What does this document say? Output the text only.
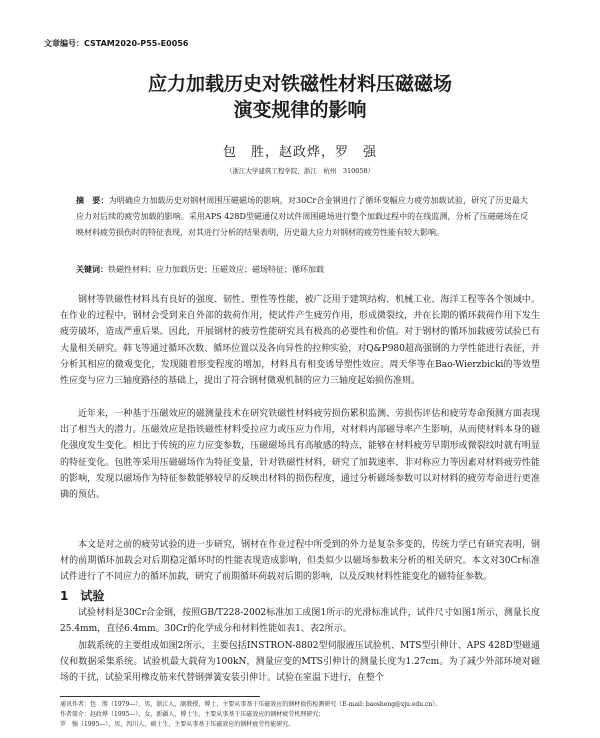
文章编号：CSTAM2020-P55-E0056
应力加载历史对铁磁性材料压磁磁场
演变规律的影响
包　胜，赵政烨，罗　强
（浙江大学建筑工程学院，浙江　杭州　310058）
摘　要：为明确应力加载历史对钢材周围压磁磁场的影响，对30Cr合金钢进行了循环变幅应力疲劳加载试验，研究了历史最大应力对后续的疲劳加载的影响。采用APS 428D型磁通仪对试件周围磁场进行整个加载过程中的在线监测，分析了压磁磁场在反映材料疲劳损伤时的特征表现，对其进行分析的结果表明，历史最大应力对钢材的疲劳性能有较大影响。
关键词：铁磁性材料；应力加载历史；压磁效应；磁场特征；循环加载

钢材等铁磁性材料具有良好的强度、韧性、塑性等性能，被广泛用于建筑结构、机械工业、海洋工程等各个领域中。在作业的过程中，钢材会受到来自外部的载荷作用，使试件产生疲劳作用，形成微裂纹，并在长期的循环载荷作用下发生疲劳破坏，造成严重后果。因此，开展钢材的疲劳性能研究具有极高的必要性和价值。对于钢材的循环加载疲劳试验已有大量相关研究。韩飞等通过循环次数、循环位置以及各向异性的拉伸实验，对Q&P980超高强钢的力学性能进行表征，并分析其相应的微观变化，发现随着形变程度的增加，材料具有相变诱导塑性效应。周天华等在Bao-Wierzbicki的等效塑性应变与应力三轴度路径的基础上，提出了符合钢材微观机制的应力三轴度起始损伤准则。

近年来，一种基于压磁效应的磁测量技术在研究铁磁性材料疲劳损伤累积监测、劳损伤评估和疲劳寿命预测方面表现出了相当大的潜力。压磁效应是指铁磁性材料受拉应力或压应力作用，对材料内部磁导率产生影响，从而使材料本身的磁化强度发生变化。相比于传统的应力应变参数，压磁磁场具有高敏感的特点，能够在材料疲劳早期形成微裂纹时就有明显的特征变化。包胜等采用压磁磁场作为特征变量，针对铁磁性材料，研究了加载速率、非对称应力等因素对材料疲劳性能的影响，发现以磁场作为特征参数能够较早的反映出材料的损伤程度，通过分析磁场参数可以对材料的疲劳寿命进行更准确的预估。

本文是对之前的疲劳试验的进一步研究，钢材在作业过程中所受到的外力是复杂多变的，传统力学已有研究表明，钢材的前期循环加载会对后期稳定循环时的性能表现造成影响，但类似少以磁场参数来分析的相关研究。本文对30Cr标准试件进行了不同应力的循环加载，研究了前期循环荷载对后期的影响，以及反映材料性能变化的磁特征参数。

1 试验

试验材料是30Cr合金钢，按照GB/T228-2002标准加工成图1所示的光滑标准试件，试件尺寸如图1所示，测量长度25.4mm，直径6.4mm。30Cr的化学成分和材料性能如表1、表2所示。

加载系统的主要组成如图2所示，主要包括INSTRON-8802型伺服液压试验机、MTS型引伸计、APS 428D型磁通仪和数据采集系统。试验机最大载荷为100kN，测量应变的MTS引伸计的测量长度为1.27cm。为了减少外部环境对磁场的干扰，试验采用橡皮筋来代替钢弹簧安装引伸计。试验在室温下进行，在整个

通讯作者：包　胜（1979—），男，浙江人，副教授，博士，主要从事基于压磁效应的钢材损伤检测研究（E-mail: baosheng@zju.edu.cn）。
作者简介：赵政烨（1995—），女，新疆人，博士生，主要从事基于压磁效应的钢材疲劳机理研究；
罗　强（1995—），男，四川人，硕士生，主要从事基于压磁效应的钢材疲劳性能研究。
